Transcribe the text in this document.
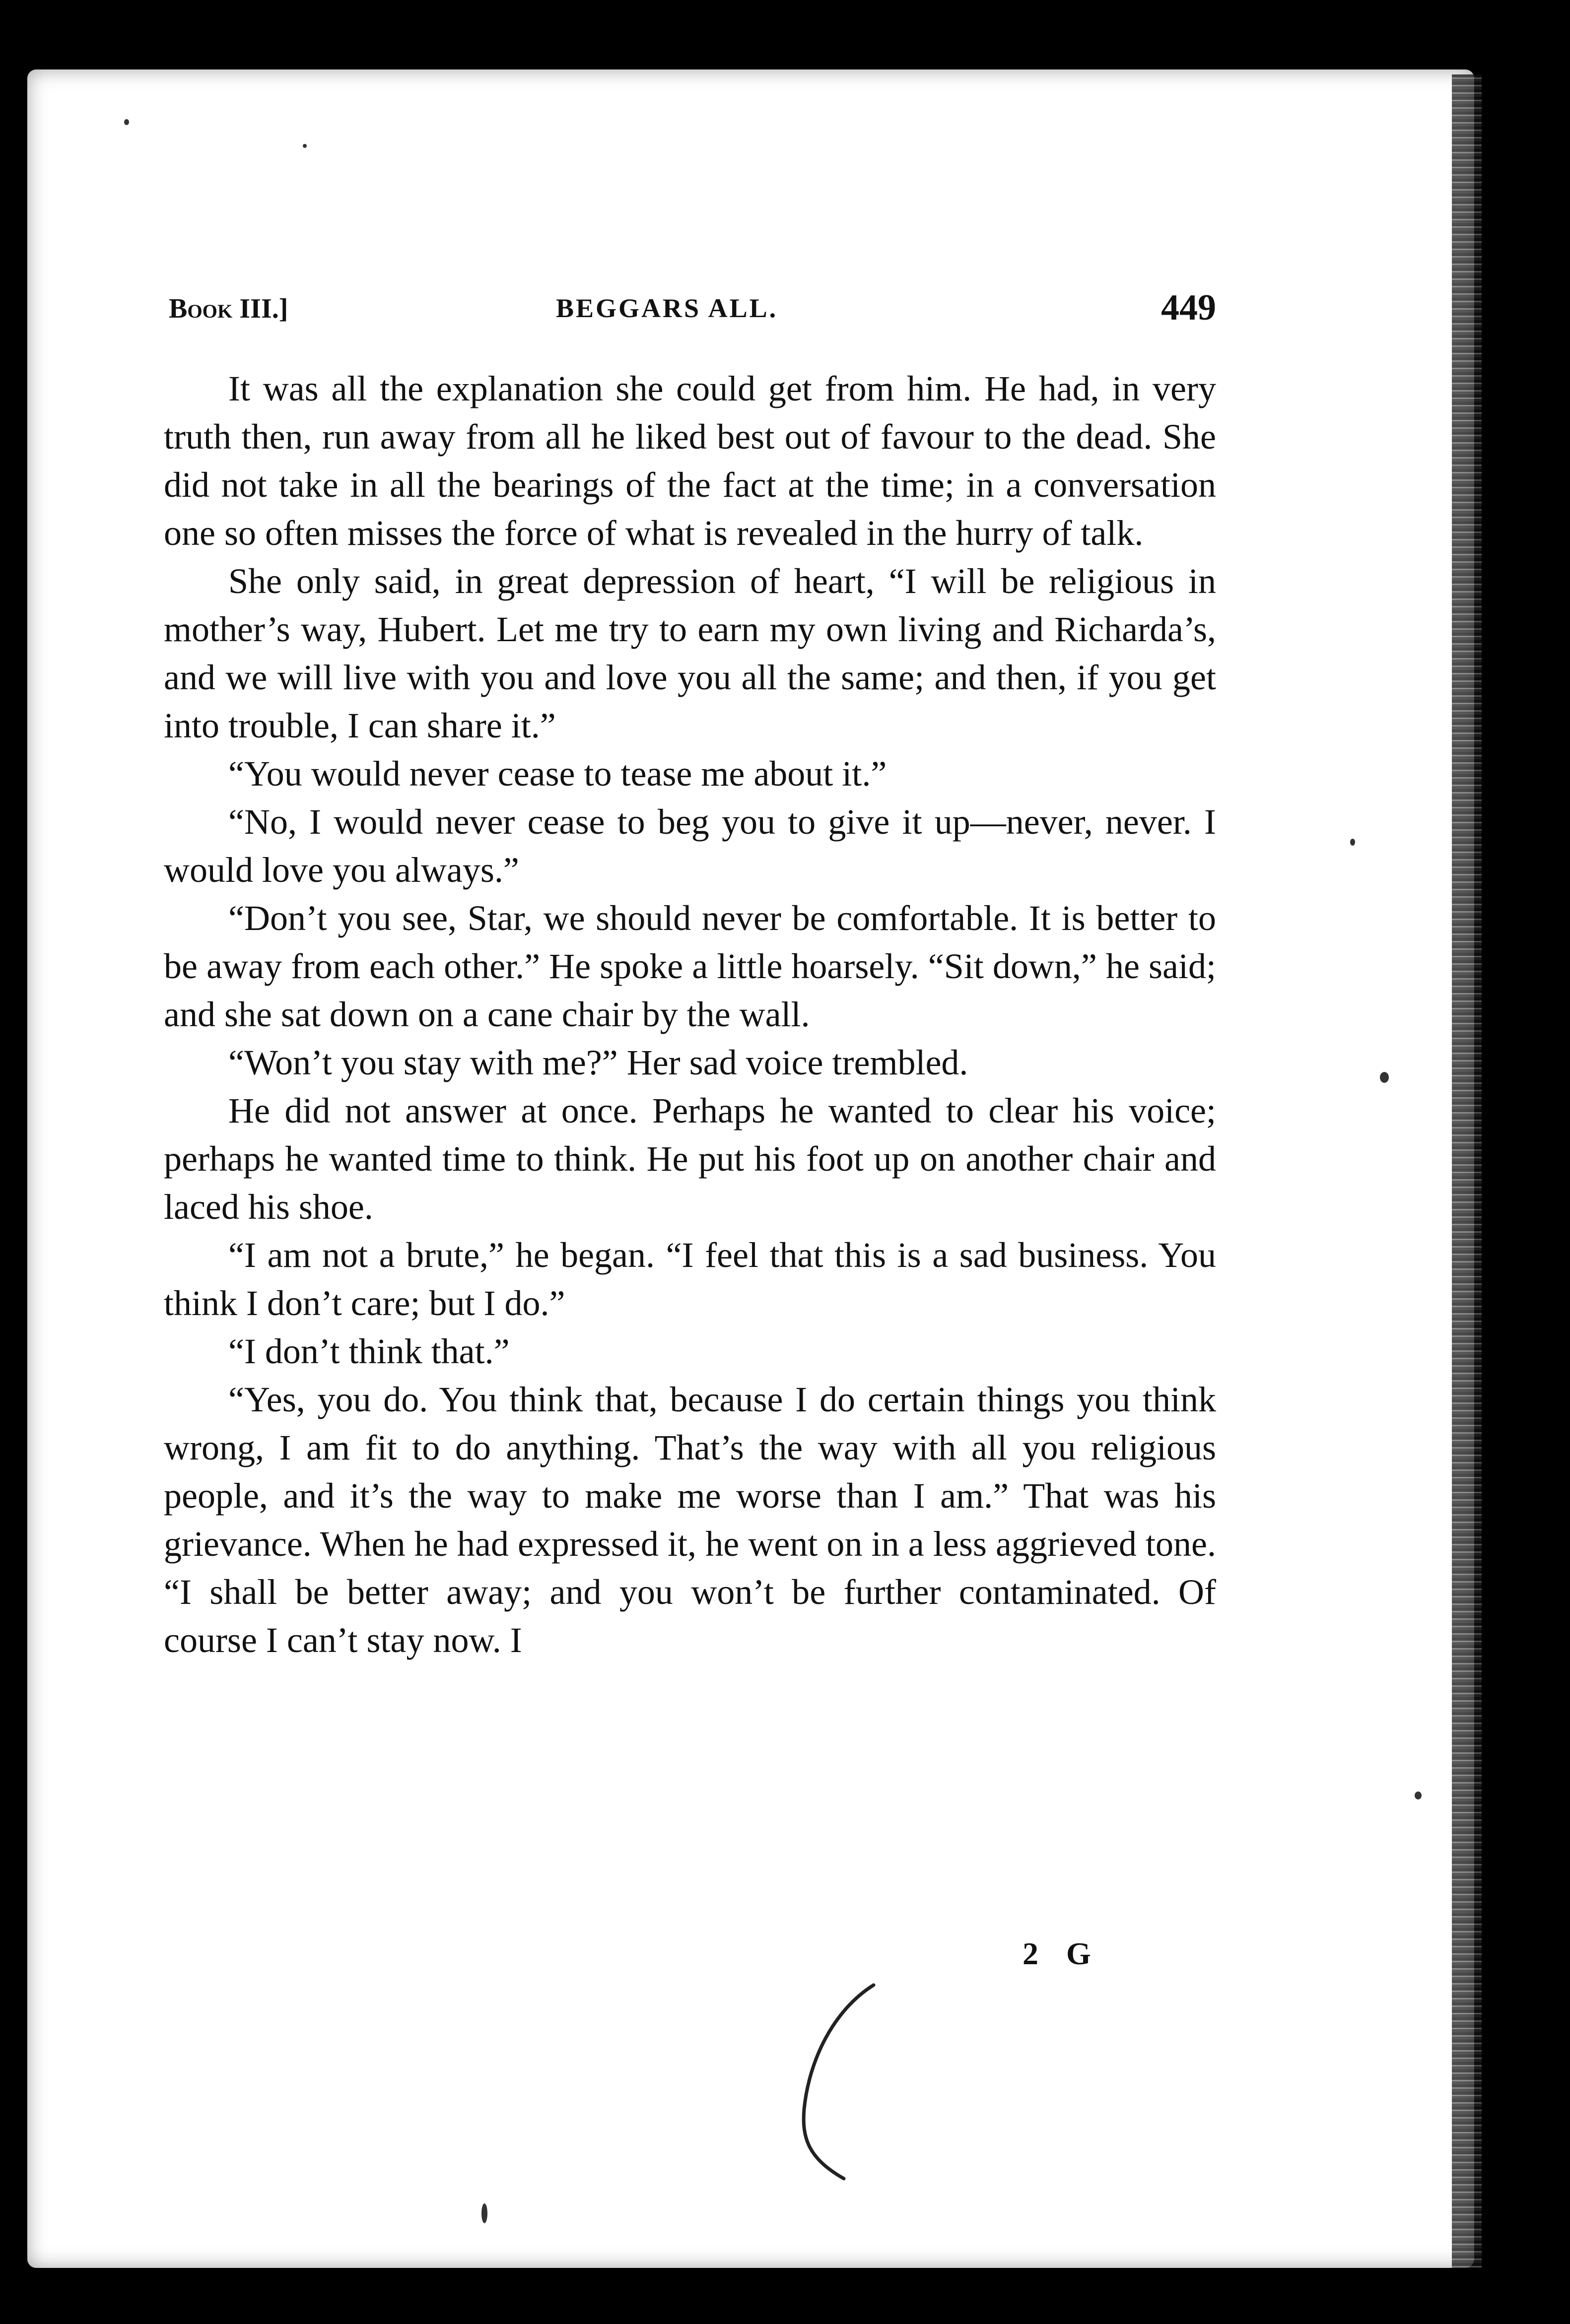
Book III.]	BEGGARS ALL.	449

It was all the explanation she could get from him. He had, in very truth then, run away from all he liked best out of favour to the dead. She did not take in all the bearings of the fact at the time; in a conversation one so often misses the force of what is revealed in the hurry of talk.

She only said, in great depression of heart, “I will be religious in mother’s way, Hubert. Let me try to earn my own living and Richarda’s, and we will live with you and love you all the same; and then, if you get into trouble, I can share it.”

“You would never cease to tease me about it.”

“No, I would never cease to beg you to give it up—never, never. I would love you always.”

“Don’t you see, Star, we should never be comfortable. It is better to be away from each other.” He spoke a little hoarsely. “Sit down,” he said; and she sat down on a cane chair by the wall.

“Won’t you stay with me?” Her sad voice trembled.

He did not answer at once. Perhaps he wanted to clear his voice; perhaps he wanted time to think. He put his foot up on another chair and laced his shoe.

“I am not a brute,” he began. “I feel that this is a sad business. You think I don’t care; but I do.”

“I don’t think that.”

“Yes, you do. You think that, because I do certain things you think wrong, I am fit to do anything. That’s the way with all you religious people, and it’s the way to make me worse than I am.” That was his grievance. When he had expressed it, he went on in a less aggrieved tone. “I shall be better away; and you won’t be further contaminated. Of course I can’t stay now. I

2 G
